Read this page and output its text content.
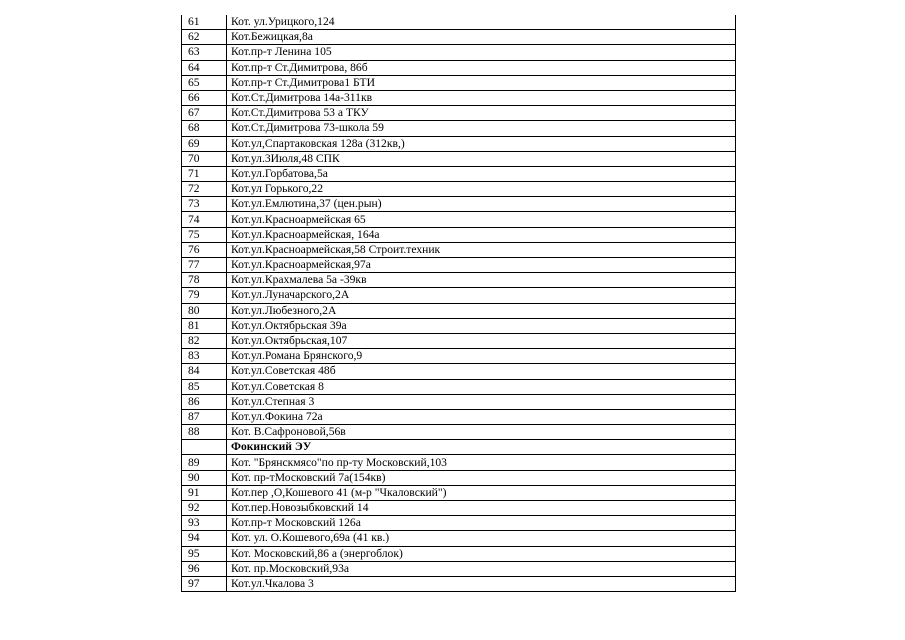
61	Кот. ул.Урицкого,124
62	Кот.Бежицкая,8а
63	Кот.пр-т Ленина 105
64	Кот.пр-т Ст.Димитрова, 86б
65	Кот.пр-т Ст.Димитрова1 БТИ
66	Кот.Ст.Димитрова 14а-311кв
67	Кот.Ст.Димитрова 53 а ТКУ
68	Кот.Ст.Димитрова 73-школа 59
69	Кот.ул,Спартаковская 128а (312кв,)
70	Кот.ул.3Июля,48 СПК
71	Кот.ул.Горбатова,5а
72	Кот.ул Горького,22
73	Кот.ул.Емлютина,37 (цен.рын)
74	Кот.ул.Красноармейская 65
75	Кот.ул.Красноармейская, 164а
76	Кот.ул.Красноармейская,58 Строит.техник
77	Кот.ул.Красноармейская,97а
78	Кот.ул.Крахмалева 5а -39кв
79	Кот.ул.Луначарского,2А
80	Кот.ул.Любезного,2А
81	Кот.ул.Октябрьская 39а
82	Кот.ул.Октябрьская,107
83	Кот.ул.Романа Брянского,9
84	Кот.ул.Советская 48б
85	Кот.ул.Советская 8
86	Кот.ул.Степная 3
87	Кот.ул.Фокина 72а
88	Кот. В.Сафроновой,56в
	Фокинский ЭУ
89	Кот. "Брянскмясо"по пр-ту Московский,103
90	Кот. пр-тМосковский 7а(154кв)
91	Кот.пер ,О,Кошевого 41 (м-р "Чкаловский")
92	Кот.пер.Новозыбковский 14
93	Кот.пр-т Московский 126а
94	Кот. ул. О.Кошевого,69а (41 кв.)
95	Кот. Московский,86 а (энергоблок)
96	Кот. пр.Московский,93а
97	Кот.ул.Чкалова 3
